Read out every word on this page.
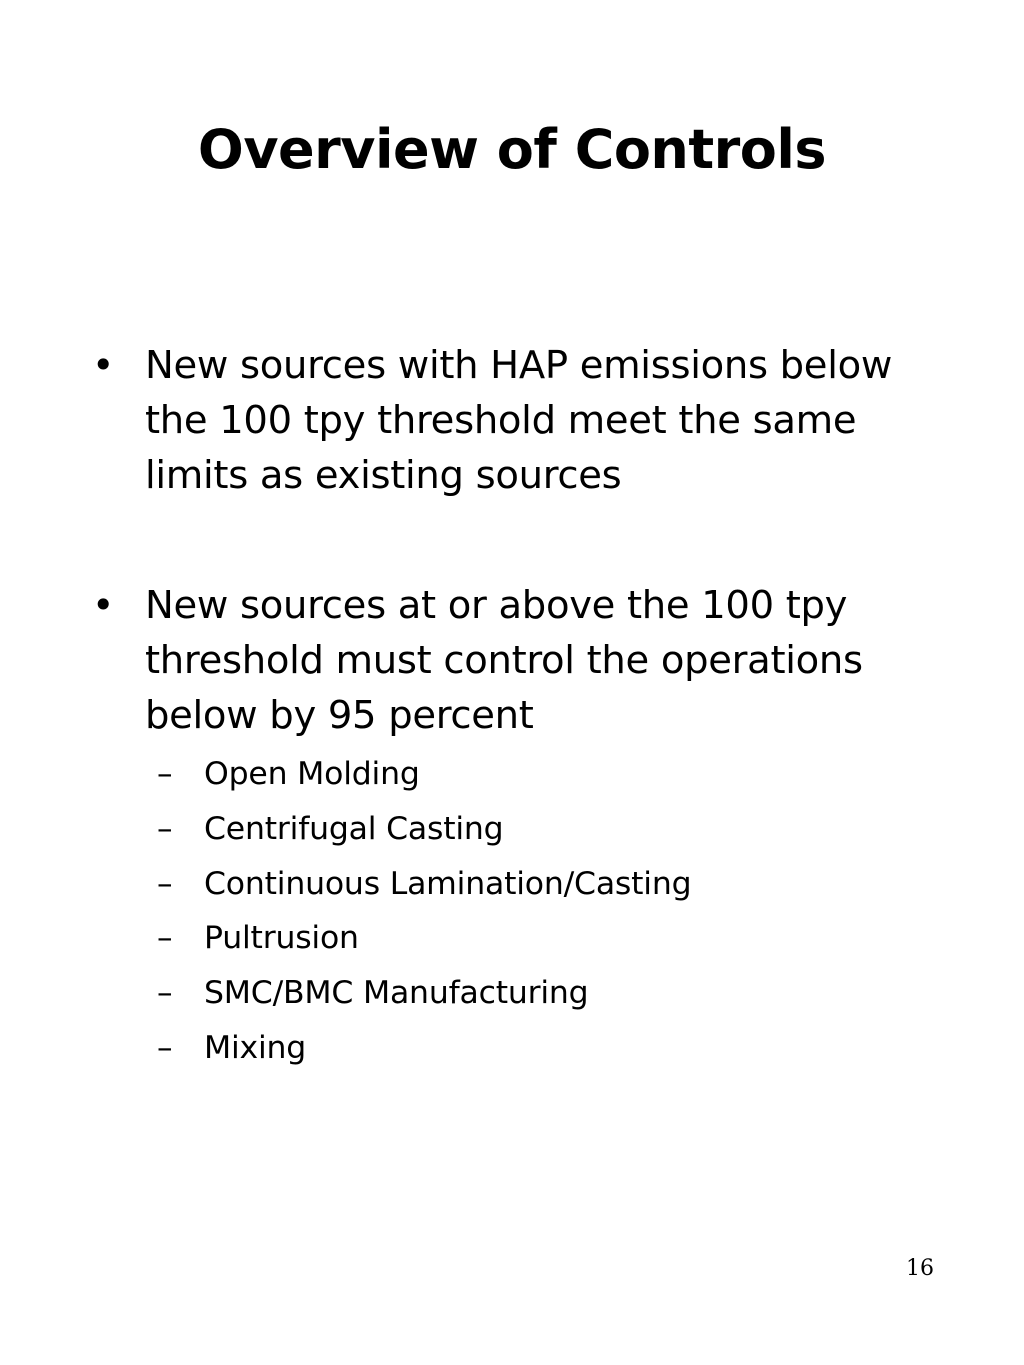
Overview of Controls
• New sources with HAP emissions below the 100 tpy threshold meet the same limits as existing sources
• New sources at or above the 100 tpy threshold must control the operations below by 95 percent
– Open Molding
– Centrifugal Casting
– Continuous Lamination/Casting
– Pultrusion
– SMC/BMC Manufacturing
– Mixing
16
